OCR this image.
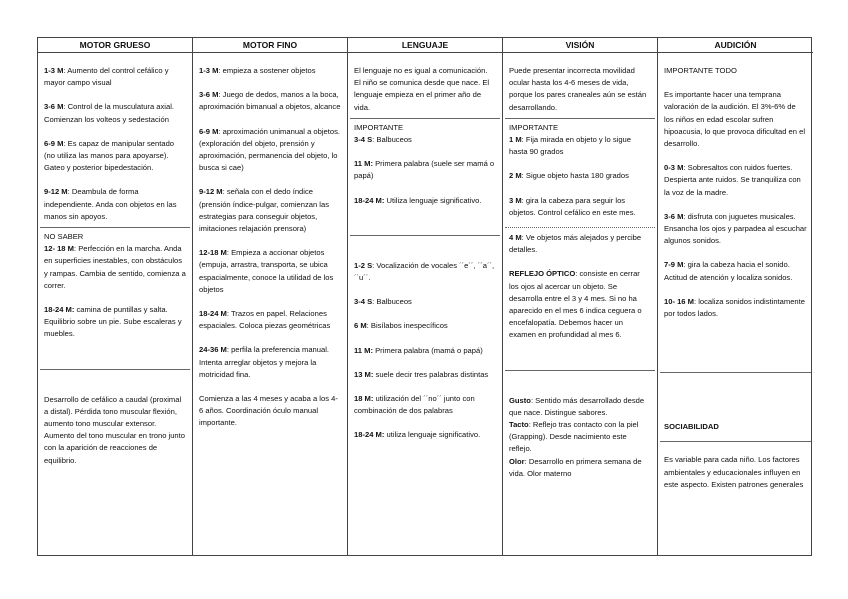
MOTOR GRUESO
1-3 M: Aumento del control cefálico y mayor campo visual
3-6 M: Control de la musculatura axial. Comienzan los volteos y sedestación
6-9 M: Es capaz de manipular sentado (no utiliza las manos para apoyarse). Gateo y posterior bipedestación.
9-12 M: Deambula de forma independiente. Anda con objetos en las manos sin apoyos.
NO SABER
12- 18 M: Perfección en la marcha. Anda en superficies inestables, con obstáculos y rampas. Cambia de sentido, comienza a correr.
18-24 M: camina de puntillas y salta. Equilibrio sobre un pie. Sube escaleras y muebles.
Desarrollo de cefálico a caudal (proximal a distal). Pérdida tono muscular flexión, aumento tono muscular extensor. Aumento del tono muscular en trono junto con la aparición de reacciones de equilibrio.
MOTOR FINO
1-3 M: empieza a sostener objetos
3-6 M: Juego de dedos, manos a la boca, aproximación bimanual a objetos, alcance
6-9 M: aproximación unimanual a objetos. (exploración del objeto, prensión y aproximación, permanencia del objeto, lo busca si cae)
9-12 M: señala con el dedo índice (prensión índice-pulgar, comienzan las estrategias para conseguir objetos, imitaciones relajación prensora)
12-18 M: Empieza a accionar objetos (empuja, arrastra, transporta, se ubica espacialmente, conoce la utilidad de los objetos
18-24 M: Trazos en papel. Relaciones espaciales. Coloca piezas geométricas
24-36 M: perfila la preferencia manual. Intenta arreglar objetos y mejora la motricidad fina.
Comienza a las 4 meses y acaba a los 4-6 años. Coordinación óculo manual importante.
LENGUAJE
El lenguaje no es igual a comunicación. El niño se comunica desde que nace. El lenguaje empieza en el primer año de vida.
IMPORTANTE
3-4 S: Balbuceos
11 M: Primera palabra (suele ser mamá o papá)
18-24 M: Utiliza lenguaje significativo.
1-2 S: Vocalización de vocales ´´e´´, ´´a´´, ´´u´´.
3-4 S: Balbuceos
6 M: Bisílabos inespecíficos
11 M: Primera palabra (mamá o papá)
13 M: suele decir tres palabras distintas
18 M: utilización del ´´no´´ junto con combinación de dos palabras
18-24 M: utiliza lenguaje significativo.
VISIÓN
Puede presentar incorrecta movilidad ocular hasta los 4-6 meses de vida, porque los pares craneales aún se están desarrollando.
IMPORTANTE
1 M: Fija mirada en objeto y lo sigue hasta 90 grados
2 M: Sigue objeto hasta 180 grados
3 M: gira la cabeza para seguir los objetos. Control cefálico en este mes.
4 M: Ve objetos más alejados y percibe detalles.
REFLEJO ÓPTICO: consiste en cerrar los ojos al acercar un objeto. Se desarrolla entre el 3 y 4 mes. Si no ha aparecido en el mes 6 indica ceguera o encefalopatía. Debemos hacer un examen en profundidad al mes 6.
Gusto: Sentido más desarrollado desde que nace. Distingue sabores.
Tacto: Reflejo tras contacto con la piel (Grapping). Desde nacimiento este reflejo.
Olor: Desarrollo en primera semana de vida. Olor materno
AUDICIÓN
IMPORTANTE TODO
Es importante hacer una temprana valoración de la audición. El 3%-6% de los niños en edad escolar sufren hipoacusia, lo que provoca dificultad en el desarrollo.
0-3 M: Sobresaltos con ruidos fuertes. Despierta ante ruidos. Se tranquiliza con la voz de la madre.
3-6 M: disfruta con juguetes musicales. Ensancha los ojos y parpadea al escuchar algunos sonidos.
7-9 M: gira la cabeza hacia el sonido. Actitud de atención y localiza sonidos.
10- 16 M: localiza sonidos indistintamente por todos lados.
SOCIABILIDAD
Es variable para cada niño. Los factores ambientales y educacionales influyen en este aspecto. Existen patrones generales
